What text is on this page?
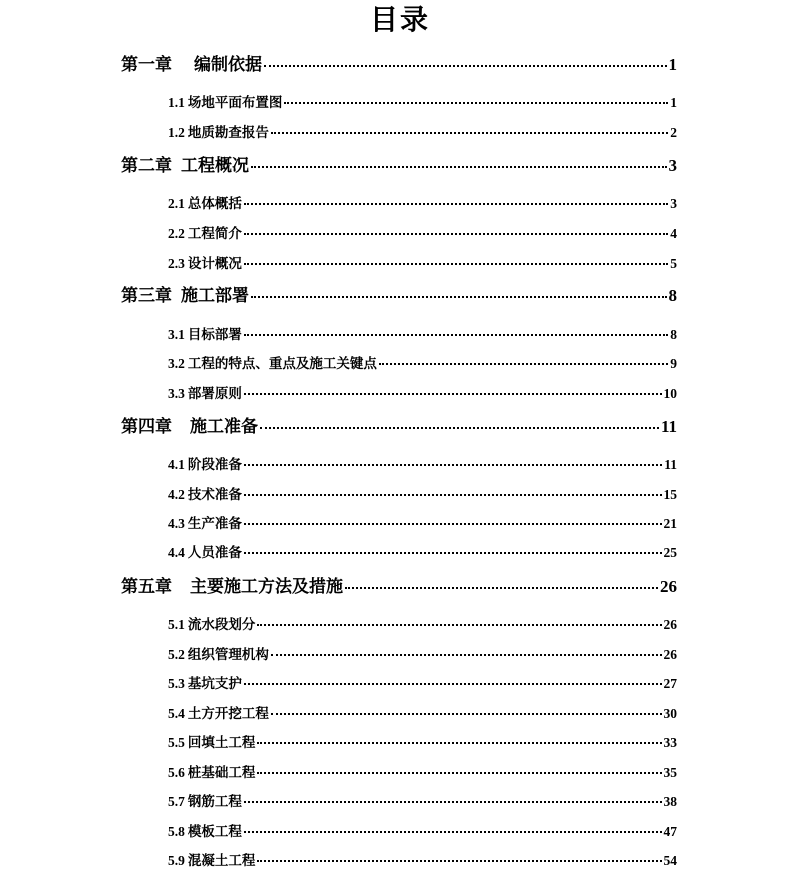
目录
第一章 编制依据	1
1.1 场地平面布置图	1
1.2 地质勘查报告	2
第二章 工程概况	3
2.1 总体概括	3
2.2 工程简介	4
2.3 设计概况	5
第三章 施工部署	8
3.1 目标部署	8
3.2 工程的特点、重点及施工关键点	9
3.3 部署原则	10
第四章 施工准备	11
4.1 阶段准备	11
4.2 技术准备	15
4.3 生产准备	21
4.4 人员准备	25
第五章 主要施工方法及措施	26
5.1 流水段划分	26
5.2 组织管理机构	26
5.3 基坑支护	27
5.4 土方开挖工程	30
5.5 回填土工程	33
5.6 桩基础工程	35
5.7 钢筋工程	38
5.8 模板工程	47
5.9 混凝土工程	54
